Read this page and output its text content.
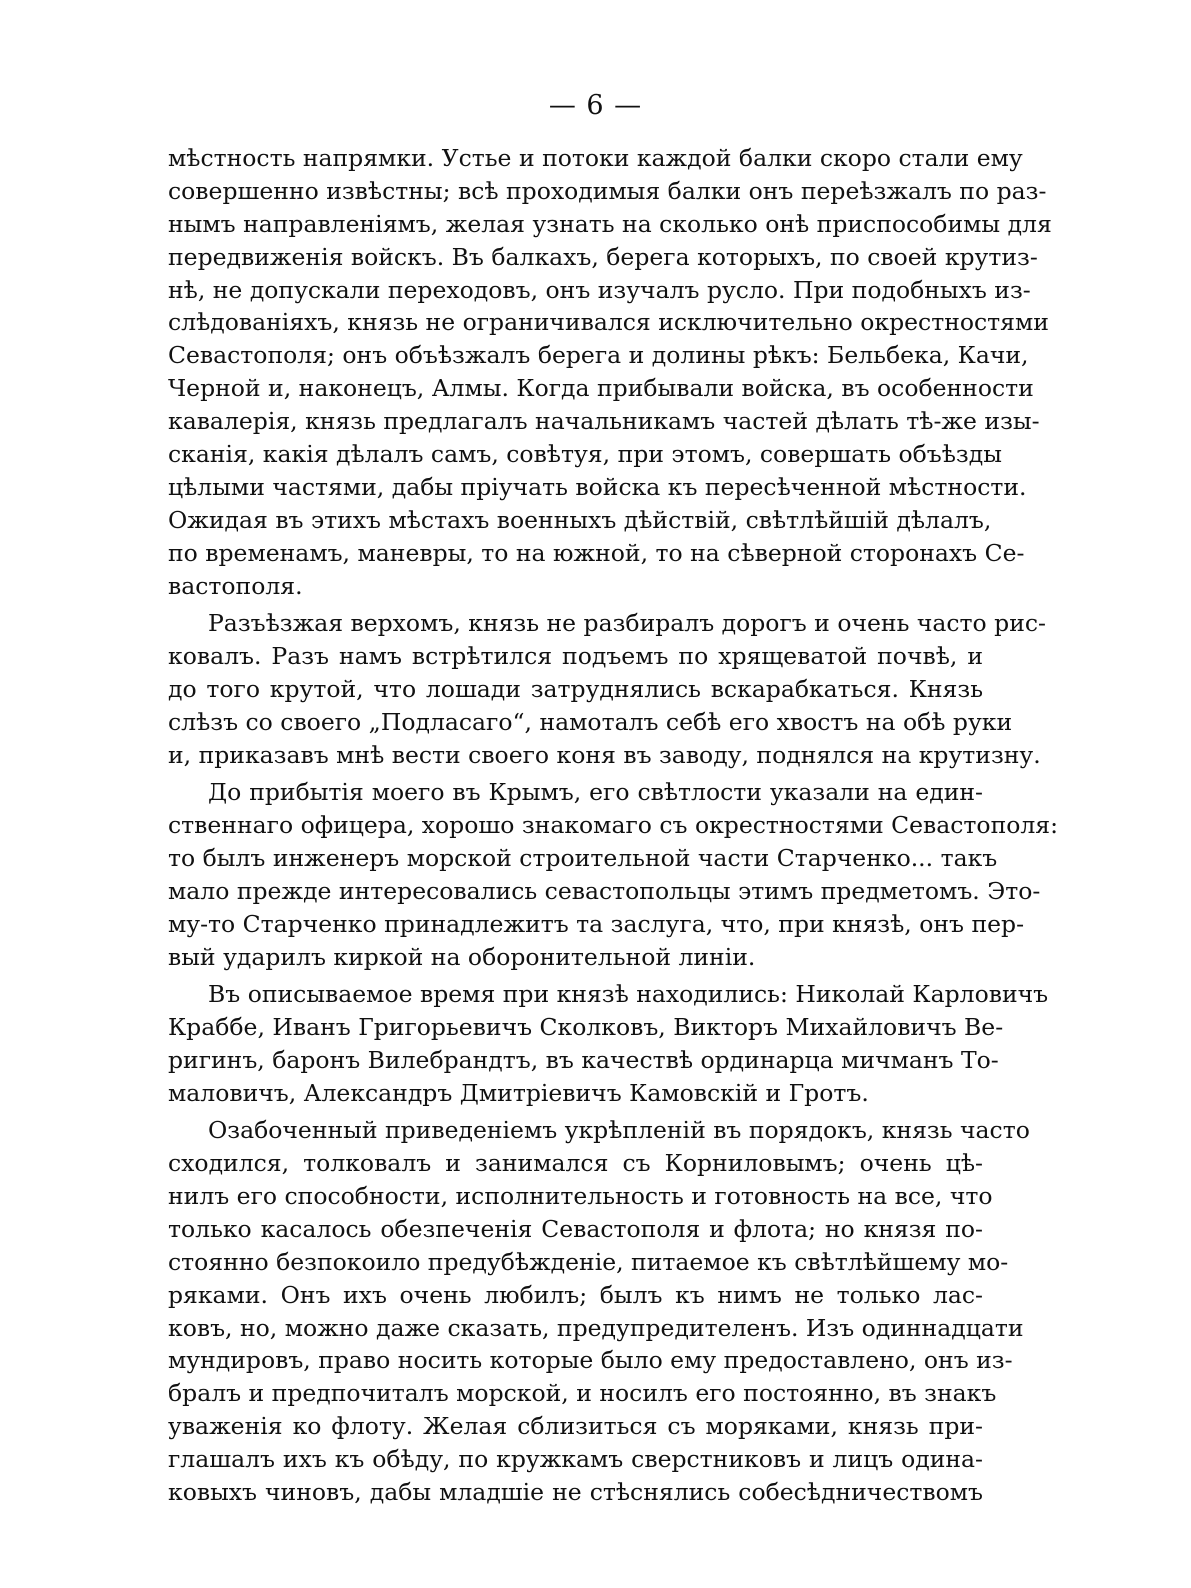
— 6 —
мѣстность напрямки. Устье и потоки каждой балки скоро стали ему
совершенно извѣстны; всѣ проходимыя балки онъ переѣзжалъ по раз-
нымъ направленіямъ, желая узнать на сколько онѣ приспособимы для
передвиженія войскъ. Въ балкахъ, берега которыхъ, по своей крутиз-
нѣ, не допускали переходовъ, онъ изучалъ русло. При подобныхъ из-
слѣдованіяхъ, князь не ограничивался исключительно окрестностями
Севастополя; онъ объѣзжалъ берега и долины рѣкъ: Бельбека, Качи,
Черной и, наконецъ, Алмы. Когда прибывали войска, въ особенности
кавалерія, князь предлагалъ начальникамъ частей дѣлать тѣ-же изы-
сканія, какія дѣлалъ самъ, совѣтуя, при этомъ, совершать объѣзды
цѣлыми частями, дабы пріучать войска къ пересѣченной мѣстности.
Ожидая въ этихъ мѣстахъ военныхъ дѣйствій, свѣтлѣйшій дѣлалъ,
по временамъ, маневры, то на южной, то на сѣверной сторонахъ Се-
вастополя.
Разъѣзжая верхомъ, князь не разбиралъ дорогъ и очень часто рис-
ковалъ. Разъ намъ встрѣтился подъемъ по хрящеватой почвѣ, и
до того крутой, что лошади затруднялись вскарабкаться. Князь
слѣзъ со своего „Подласаго“, намоталъ себѣ его хвостъ на обѣ руки
и, приказавъ мнѣ вести своего коня въ заводу, поднялся на крутизну.
До прибытія моего въ Крымъ, его свѣтлости указали на един-
ственнаго офицера, хорошо знакомаго съ окрестностями Севастополя:
то былъ инженеръ морской строительной части Старченко... такъ
мало прежде интересовались севастопольцы этимъ предметомъ. Это-
му-то Старченко принадлежитъ та заслуга, что, при князѣ, онъ пер-
вый ударилъ киркой на оборонительной линіи.
Въ описываемое время при князѣ находились: Николай Карловичъ
Краббе, Иванъ Григорьевичъ Сколковъ, Викторъ Михайловичъ Ве-
ригинъ, баронъ Вилебрандтъ, въ качествѣ ординарца мичманъ То-
маловичъ, Александръ Дмитріевичъ Камовскій и Гротъ.
Озабоченный приведеніемъ укрѣпленій въ порядокъ, князь часто
сходился, толковалъ и занимался съ Корниловымъ; очень цѣ-
нилъ его способности, исполнительность и готовность на все, что
только касалось обезпеченія Севастополя и флота; но князя по-
стоянно безпокоило предубѣжденіе, питаемое къ свѣтлѣйшему мо-
ряками. Онъ ихъ очень любилъ; былъ къ нимъ не только лас-
ковъ, но, можно даже сказать, предупредителенъ. Изъ одиннадцати
мундировъ, право носить которые было ему предоставлено, онъ из-
бралъ и предпочиталъ морской, и носилъ его постоянно, въ знакъ
уваженія ко флоту. Желая сблизиться съ моряками, князь при-
глашалъ ихъ къ обѣду, по кружкамъ сверстниковъ и лицъ одина-
ковыхъ чиновъ, дабы младшіе не стѣснялись собесѣдничествомъ
